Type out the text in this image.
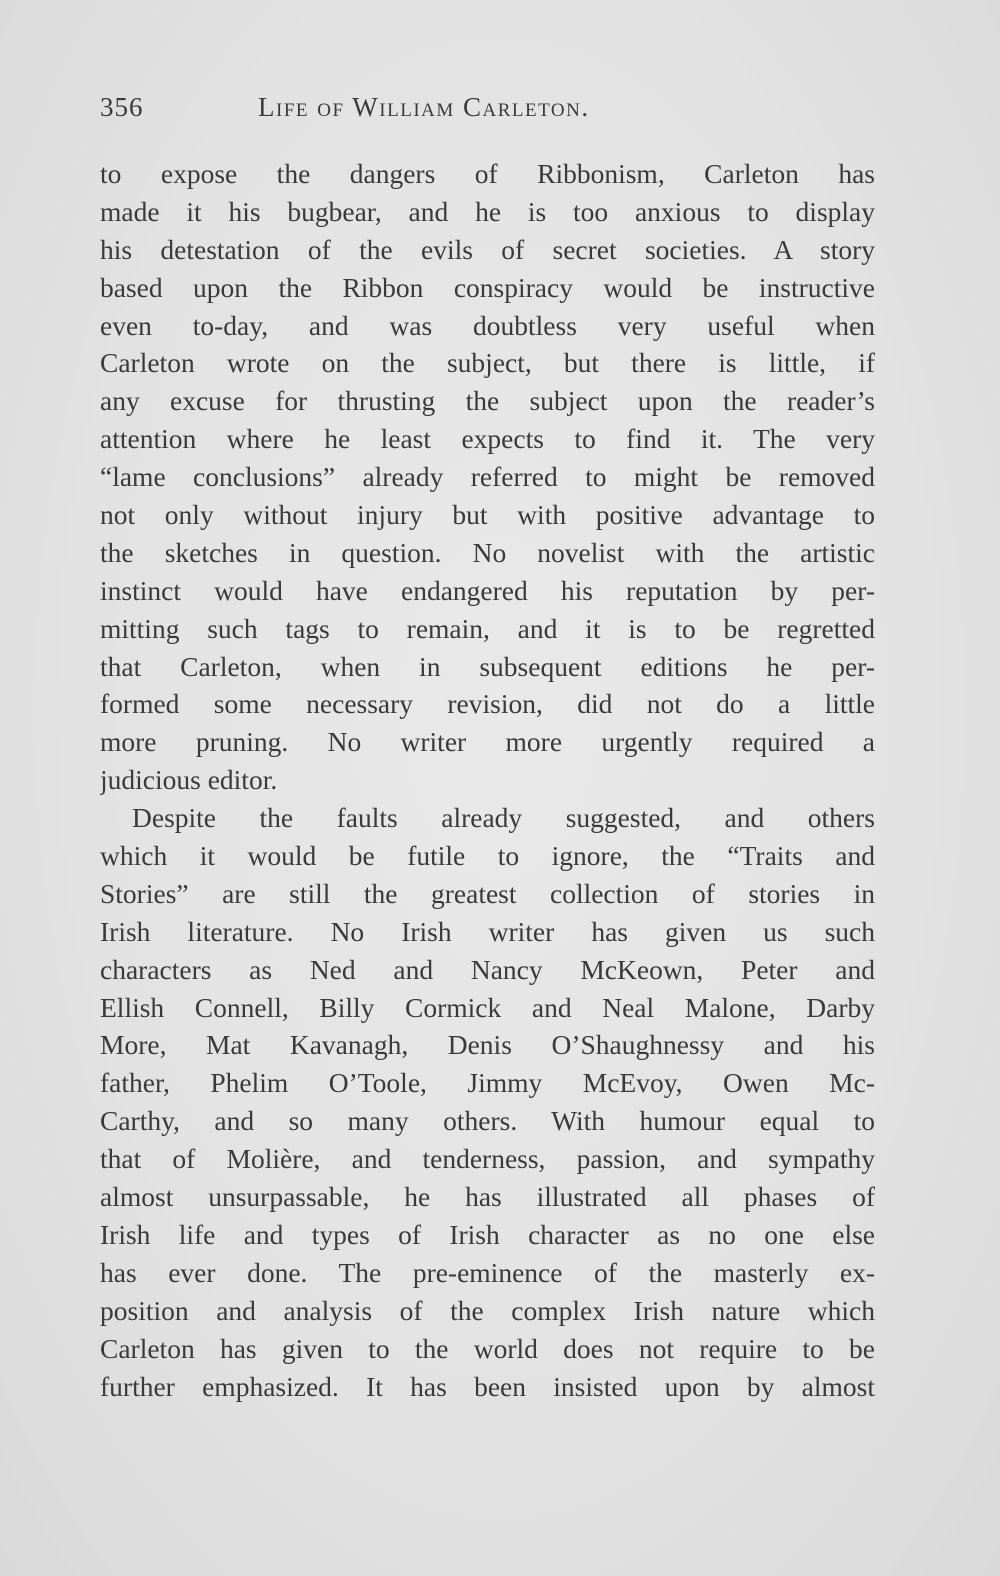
356	Life of William Carleton.
to expose the dangers of Ribbonism, Carleton has
made it his bugbear, and he is too anxious to display
his detestation of the evils of secret societies. A story
based upon the Ribbon conspiracy would be instructive
even to-day, and was doubtless very useful when
Carleton wrote on the subject, but there is little, if
any excuse for thrusting the subject upon the reader’s
attention where he least expects to find it. The very
“lame conclusions” already referred to might be removed
not only without injury but with positive advantage to
the sketches in question. No novelist with the artistic
instinct would have endangered his reputation by per-
mitting such tags to remain, and it is to be regretted
that Carleton, when in subsequent editions he per-
formed some necessary revision, did not do a little
more pruning. No writer more urgently required a
judicious editor.
Despite the faults already suggested, and others
which it would be futile to ignore, the “Traits and
Stories” are still the greatest collection of stories in
Irish literature. No Irish writer has given us such
characters as Ned and Nancy McKeown, Peter and
Ellish Connell, Billy Cormick and Neal Malone, Darby
More, Mat Kavanagh, Denis O’Shaughnessy and his
father, Phelim O’Toole, Jimmy McEvoy, Owen Mc-
Carthy, and so many others. With humour equal to
that of Molière, and tenderness, passion, and sympathy
almost unsurpassable, he has illustrated all phases of
Irish life and types of Irish character as no one else
has ever done. The pre-eminence of the masterly ex-
position and analysis of the complex Irish nature which
Carleton has given to the world does not require to be
further emphasized. It has been insisted upon by almost
